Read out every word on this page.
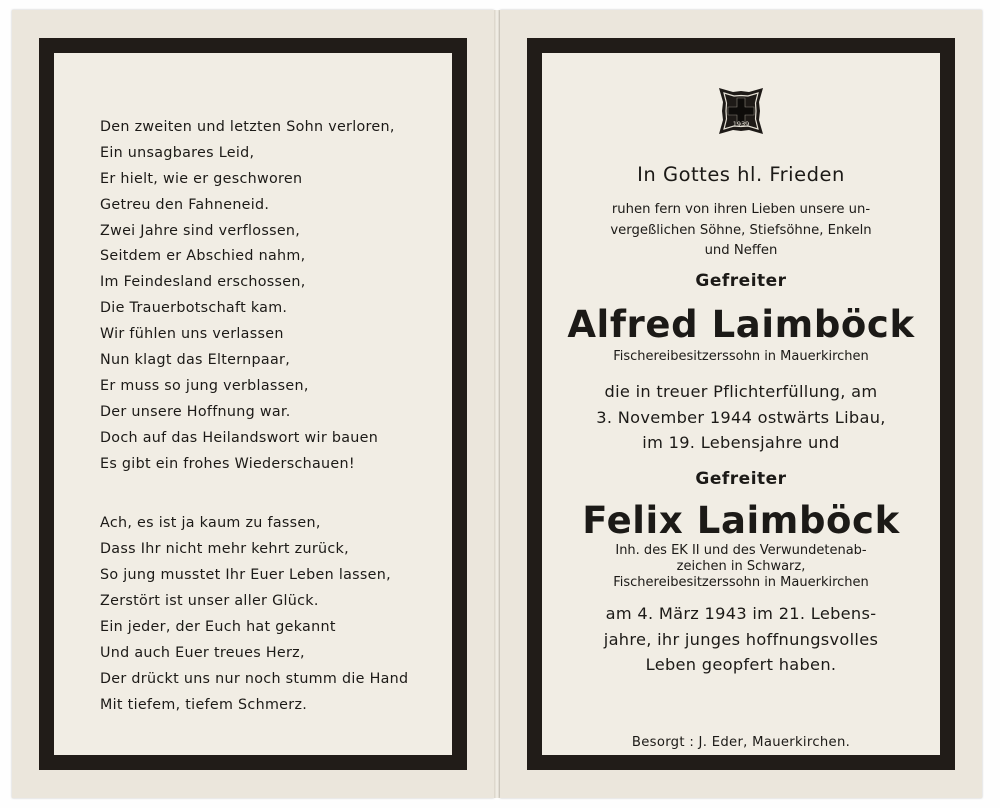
Den zweiten und letzten Sohn verloren,
Ein unsagbares Leid,
Er hielt, wie er geschworen
Getreu den Fahneneid.
Zwei Jahre sind verflossen,
Seitdem er Abschied nahm,
Im Feindesland erschossen,
Die Trauerbotschaft kam.
Wir fühlen uns verlassen
Nun klagt das Elternpaar,
Er muss so jung verblassen,
Der unsere Hoffnung war.
Doch auf das Heilandswort wir bauen
Es gibt ein frohes Wiederschauen!
Ach, es ist ja kaum zu fassen,
Dass Ihr nicht mehr kehrt zurück,
So jung musstet Ihr Euer Leben lassen,
Zerstört ist unser aller Glück.
Ein jeder, der Euch hat gekannt
Und auch Euer treues Herz,
Der drückt uns nur noch stumm die Hand
Mit tiefem, tiefem Schmerz.
1939
In Gottes hl. Frieden
ruhen fern von ihren Lieben unsere un-
vergeßlichen Söhne, Stiefsöhne, Enkeln
und Neffen
Gefreiter
Alfred Laimböck
Fischereibesitzerssohn in Mauerkirchen
die in treuer Pflichterfüllung, am
3. November 1944 ostwärts Libau,
im 19. Lebensjahre und
Gefreiter
Felix Laimböck
Inh. des EK II und des Verwundetenab-
zeichen in Schwarz,
Fischereibesitzerssohn in Mauerkirchen
am 4. März 1943 im 21. Lebens-
jahre, ihr junges hoffnungsvolles
Leben geopfert haben.
Besorgt : J. Eder, Mauerkirchen.
